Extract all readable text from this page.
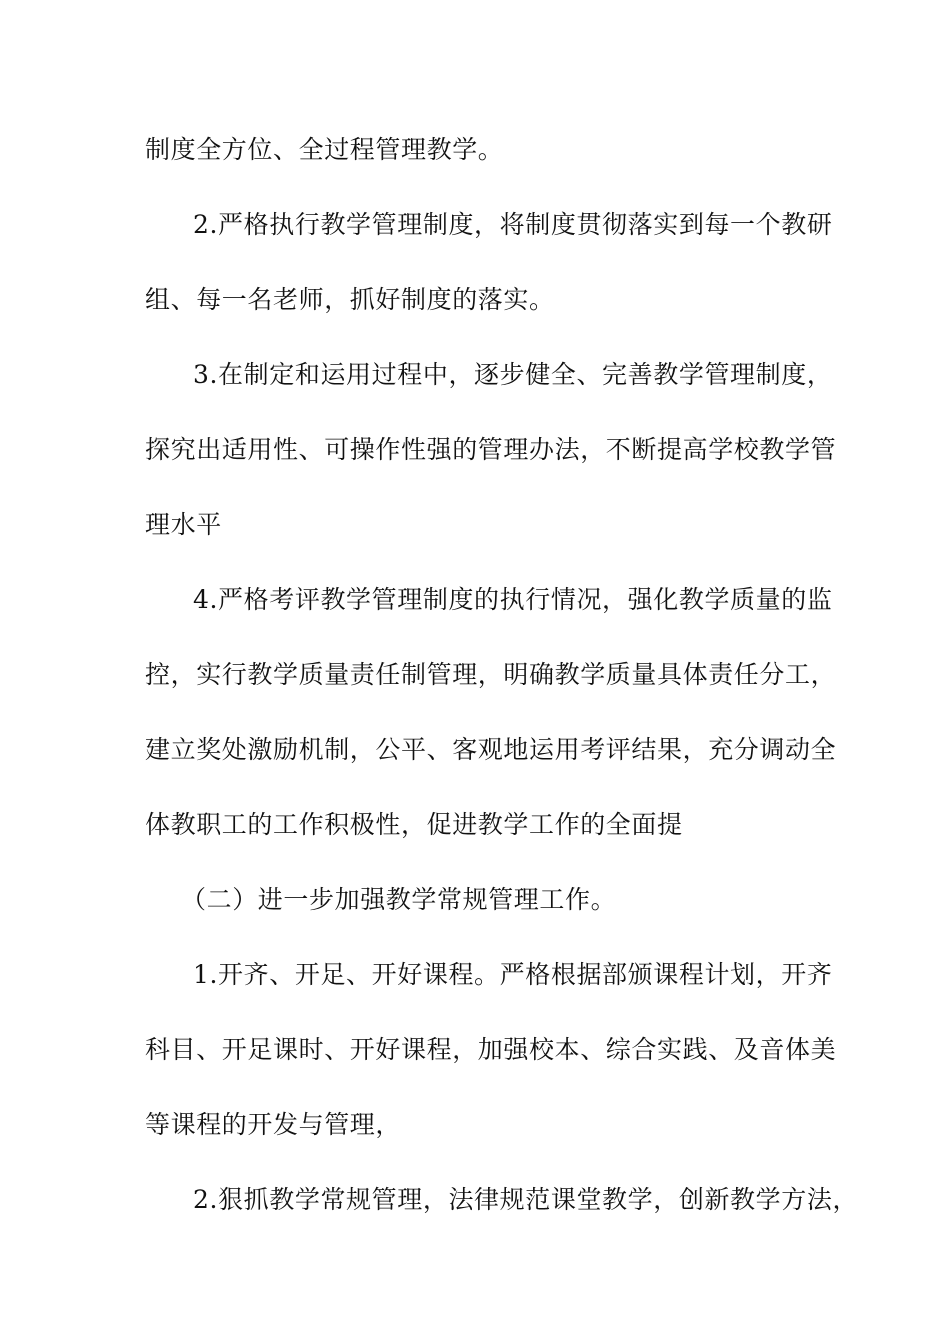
制度全方位、全过程管理教学。
2.严格执行教学管理制度，将制度贯彻落实到每一个教研
组、每一名老师，抓好制度的落实。
3.在制定和运用过程中，逐步健全、完善教学管理制度，
探究出适用性、可操作性强的管理办法，不断提高学校教学管
理水平
4.严格考评教学管理制度的执行情况，强化教学质量的监
控，实行教学质量责任制管理，明确教学质量具体责任分工，
建立奖处激励机制，公平、客观地运用考评结果，充分调动全
体教职工的工作积极性，促进教学工作的全面提
（二）进一步加强教学常规管理工作。
1.开齐、开足、开好课程。严格根据部颁课程计划，开齐
科目、开足课时、开好课程，加强校本、综合实践、及音体美
等课程的开发与管理，
2.狠抓教学常规管理，法律规范课堂教学，创新教学方法，
